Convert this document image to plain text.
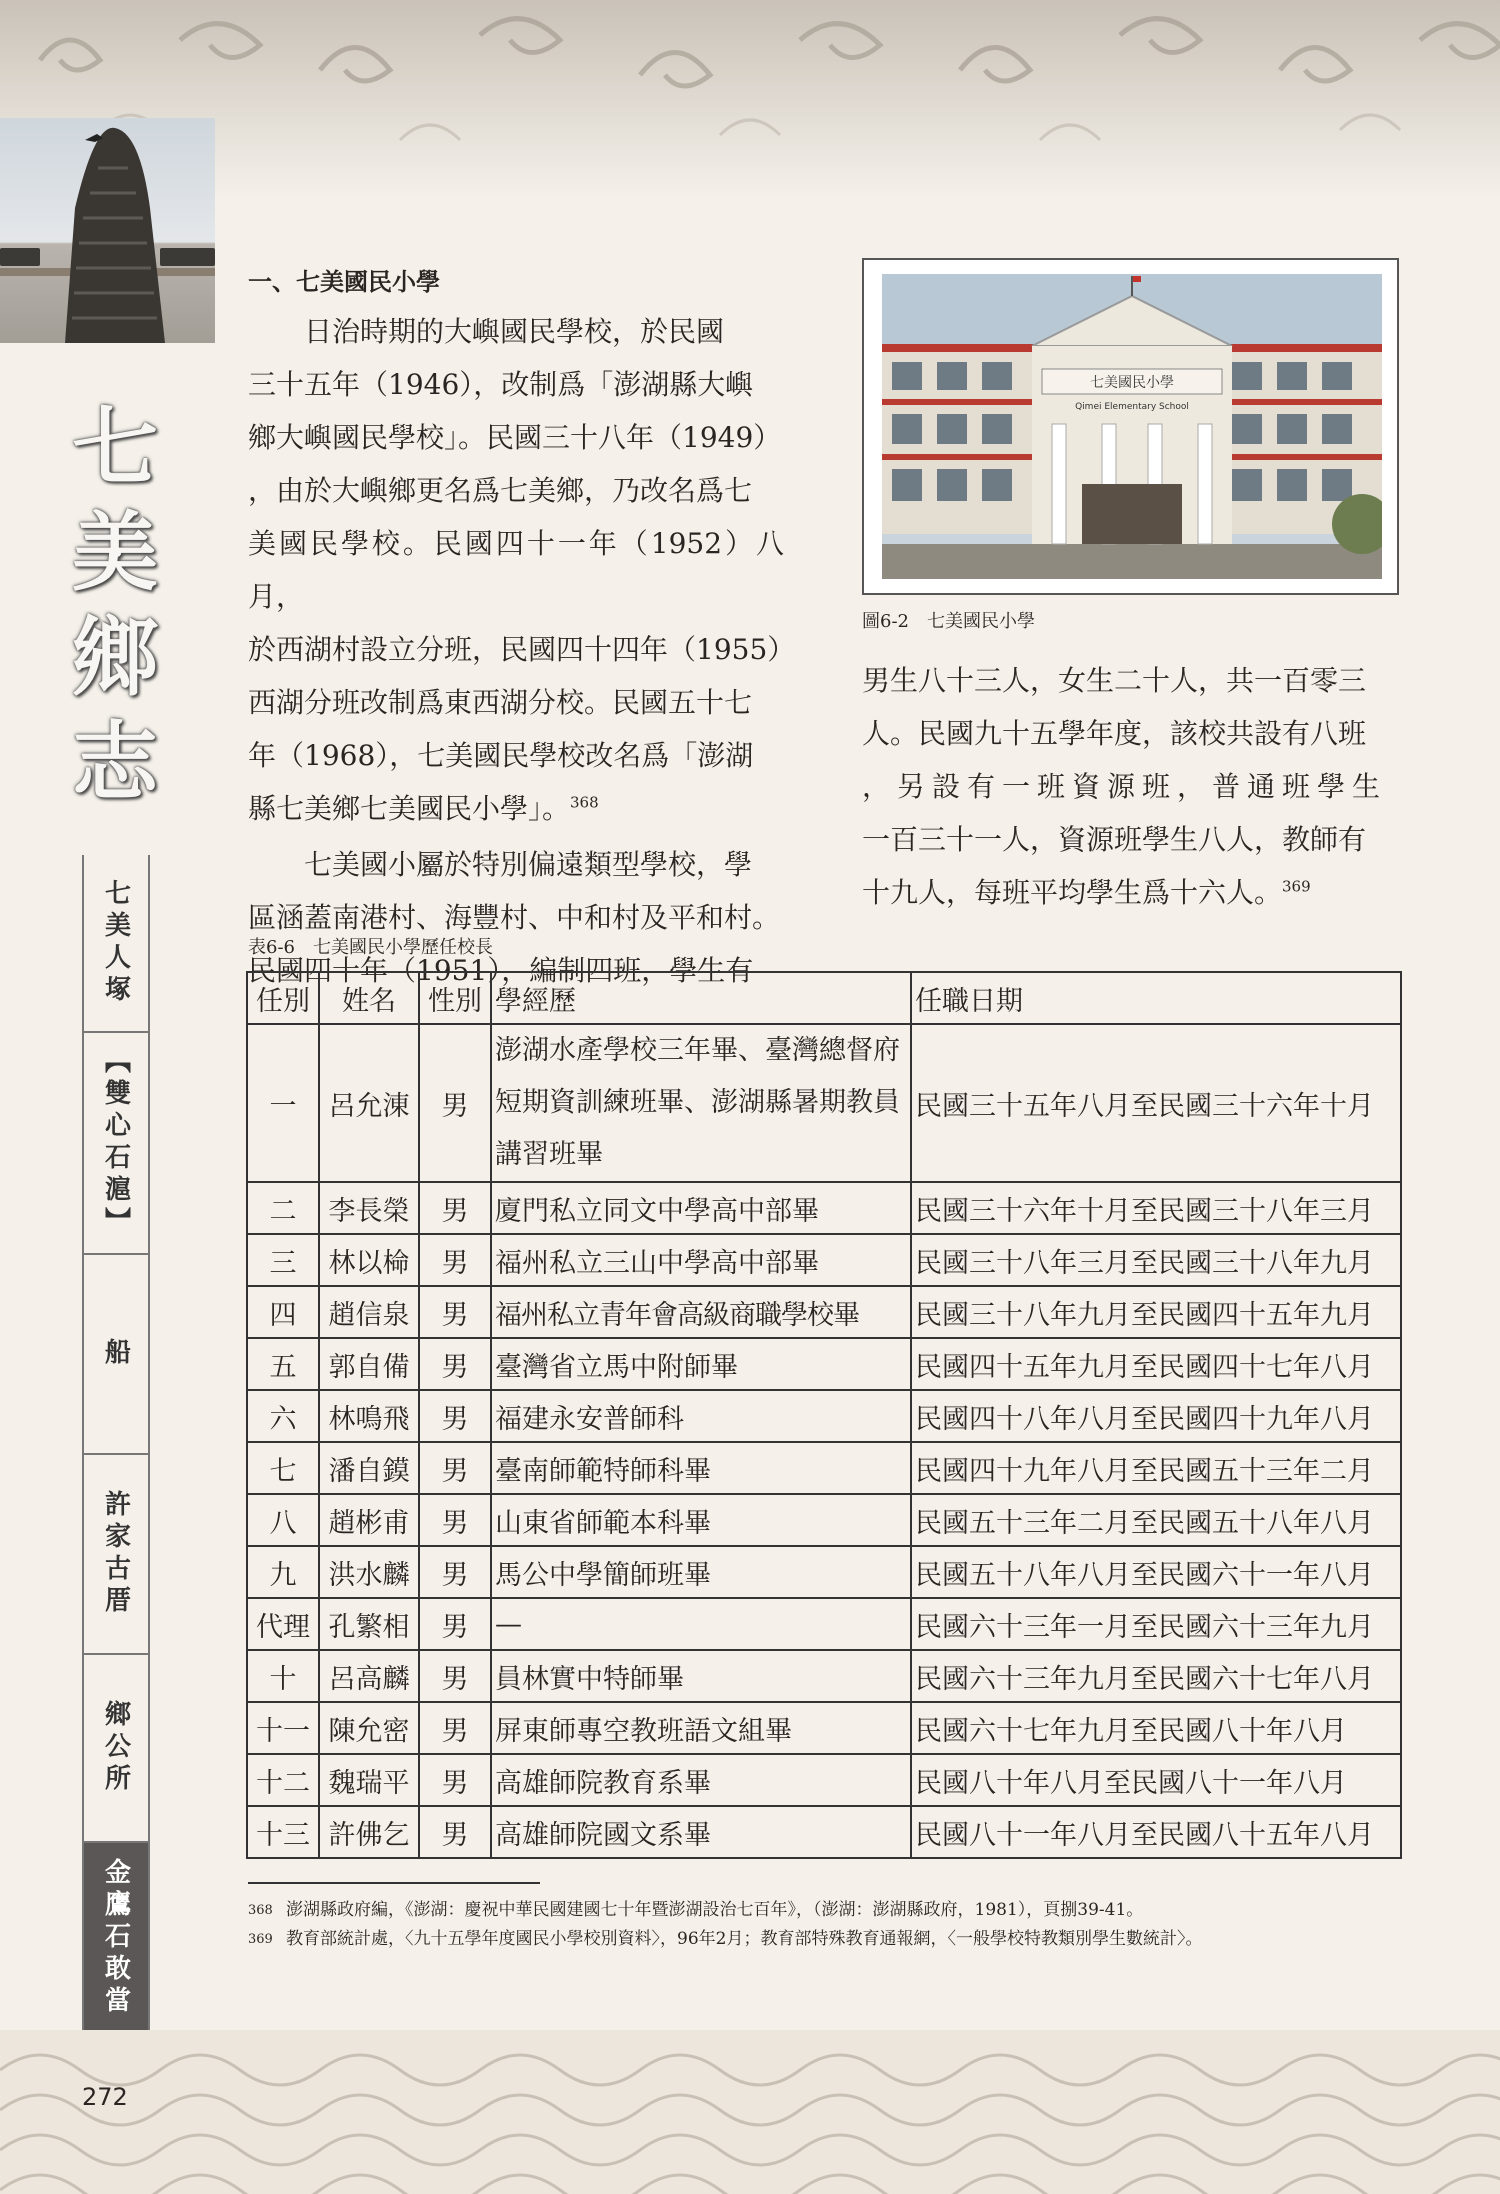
七
美
鄉
志
七美人塚
【雙心石滬】
船
許家古厝
鄉公所
金鷹石敢當
一、七美國民小學

日治時期的大嶼國民學校，於民國

三十五年（1946），改制爲「澎湖縣大嶼

鄉大嶼國民學校」。民國三十八年（1949）

，由於大嶼鄉更名爲七美鄉，乃改名爲七

美國民學校。民國四十一年（1952）八月，

於西湖村設立分班，民國四十四年（1955）

西湖分班改制爲東西湖分校。民國五十七

年（1968），七美國民學校改名爲「澎湖

縣七美鄉七美國民小學」。$^{368}$

七美國小屬於特別偏遠類型學校，學

區涵蓋南港村、海豐村、中和村及平和村。

民國四十年（1951），編制四班，學生有

七美國民小學
Qimei Elementary School
圖6-2　七美國民小學

男生八十三人，女生二十人，共一百零三

人。民國九十五學年度，該校共設有八班

，另設有一班資源班，普通班學生

一百三十一人，資源班學生八人，教師有

十九人，每班平均學生爲十六人。$^{369}$

表6-6　七美國民小學歷任校長
任別	姓名	性別	學經歷	任職日期
一	呂允涷	男	澎湖水產學校三年畢、臺灣總督府短期資訓練班畢、澎湖縣暑期教員講習班畢	民國三十五年八月至民國三十六年十月
二	李長榮	男	廈門私立同文中學高中部畢	民國三十六年十月至民國三十八年三月
三	林以椧	男	福州私立三山中學高中部畢	民國三十八年三月至民國三十八年九月
四	趙信泉	男	福州私立青年會高級商職學校畢	民國三十八年九月至民國四十五年九月
五	郭自備	男	臺灣省立馬中附師畢	民國四十五年九月至民國四十七年八月
六	林鳴飛	男	福建永安普師科	民國四十八年八月至民國四十九年八月
七	潘自鏌	男	臺南師範特師科畢	民國四十九年八月至民國五十三年二月
八	趙彬甫	男	山東省師範本科畢	民國五十三年二月至民國五十八年八月
九	洪水麟	男	馬公中學簡師班畢	民國五十八年八月至民國六十一年八月
代理	孔繁相	男	—	民國六十三年一月至民國六十三年九月
十	呂高麟	男	員林實中特師畢	民國六十三年九月至民國六十七年八月
十一	陳允密	男	屏東師專空教班語文組畢	民國六十七年九月至民國八十年八月
十二	魏瑞平	男	高雄師院教育系畢	民國八十年八月至民國八十一年八月
十三	許佛乞	男	高雄師院國文系畢	民國八十一年八月至民國八十五年八月
368 澎湖縣政府編，《澎湖：慶祝中華民國建國七十年暨澎湖設治七百年》，（澎湖：澎湖縣政府，1981），頁捌39-41。
369 教育部統計處，〈九十五學年度國民小學校別資料〉，96年2月；教育部特殊教育通報網，〈一般學校特教類別學生數統計〉。
272
